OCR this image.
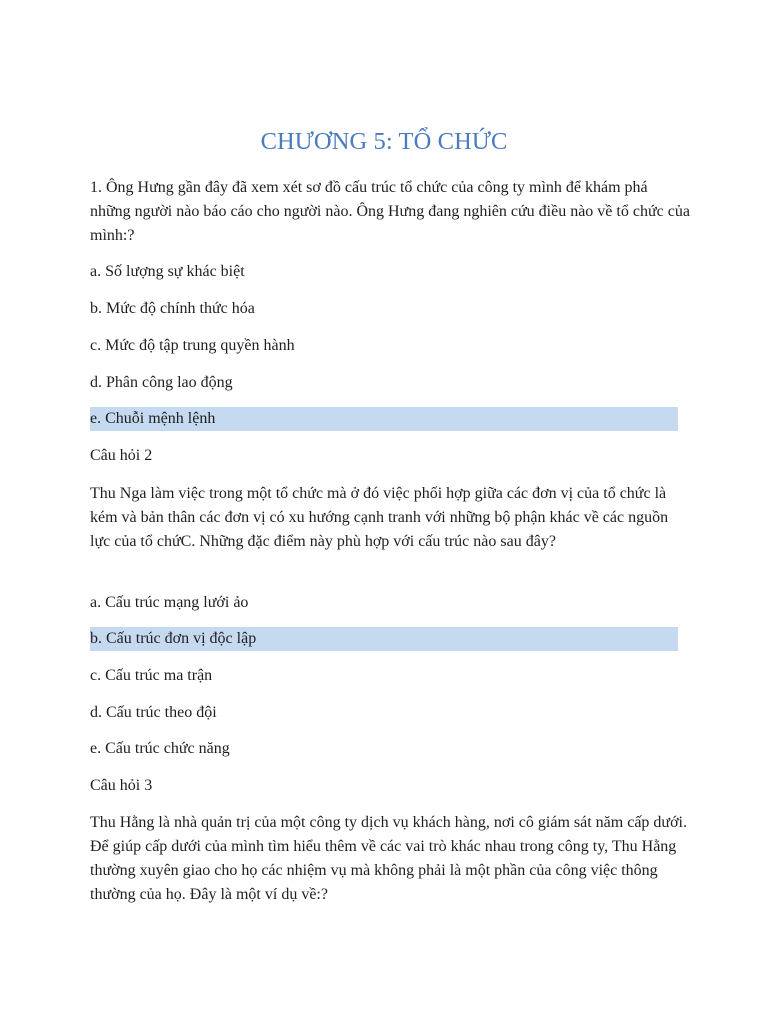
CHƯƠNG 5: TỔ CHỨC
1. Ông Hưng gần đây đã xem xét sơ đồ cấu trúc tổ chức của công ty mình để khám phá những người nào báo cáo cho người nào. Ông Hưng đang nghiên cứu điều nào về tổ chức của mình:?
a. Số lượng sự khác biệt
b. Mức độ chính thức hóa
c. Mức độ tập trung quyền hành
d. Phân công lao động
e. Chuỗi mệnh lệnh
Câu hỏi 2
Thu Nga làm việc trong một tổ chức mà ở đó việc phối hợp giữa các đơn vị của tổ chức là kém và bản thân các đơn vị có xu hướng cạnh tranh với những bộ phận khác về các nguồn lực của tổ chứC. Những đặc điểm này phù hợp với cấu trúc nào sau đây?
a. Cấu trúc mạng lưới ảo
b. Cấu trúc đơn vị độc lập
c. Cấu trúc ma trận
d. Cấu trúc theo đội
e. Cấu trúc chức năng
Câu hỏi 3
Thu Hằng là nhà quản trị của một công ty dịch vụ khách hàng, nơi cô giám sát năm cấp dưới. Để giúp cấp dưới của mình tìm hiểu thêm về các vai trò khác nhau trong công ty, Thu Hằng thường xuyên giao cho họ các nhiệm vụ mà không phải là một phần của công việc thông thường của họ. Đây là một ví dụ về:?
